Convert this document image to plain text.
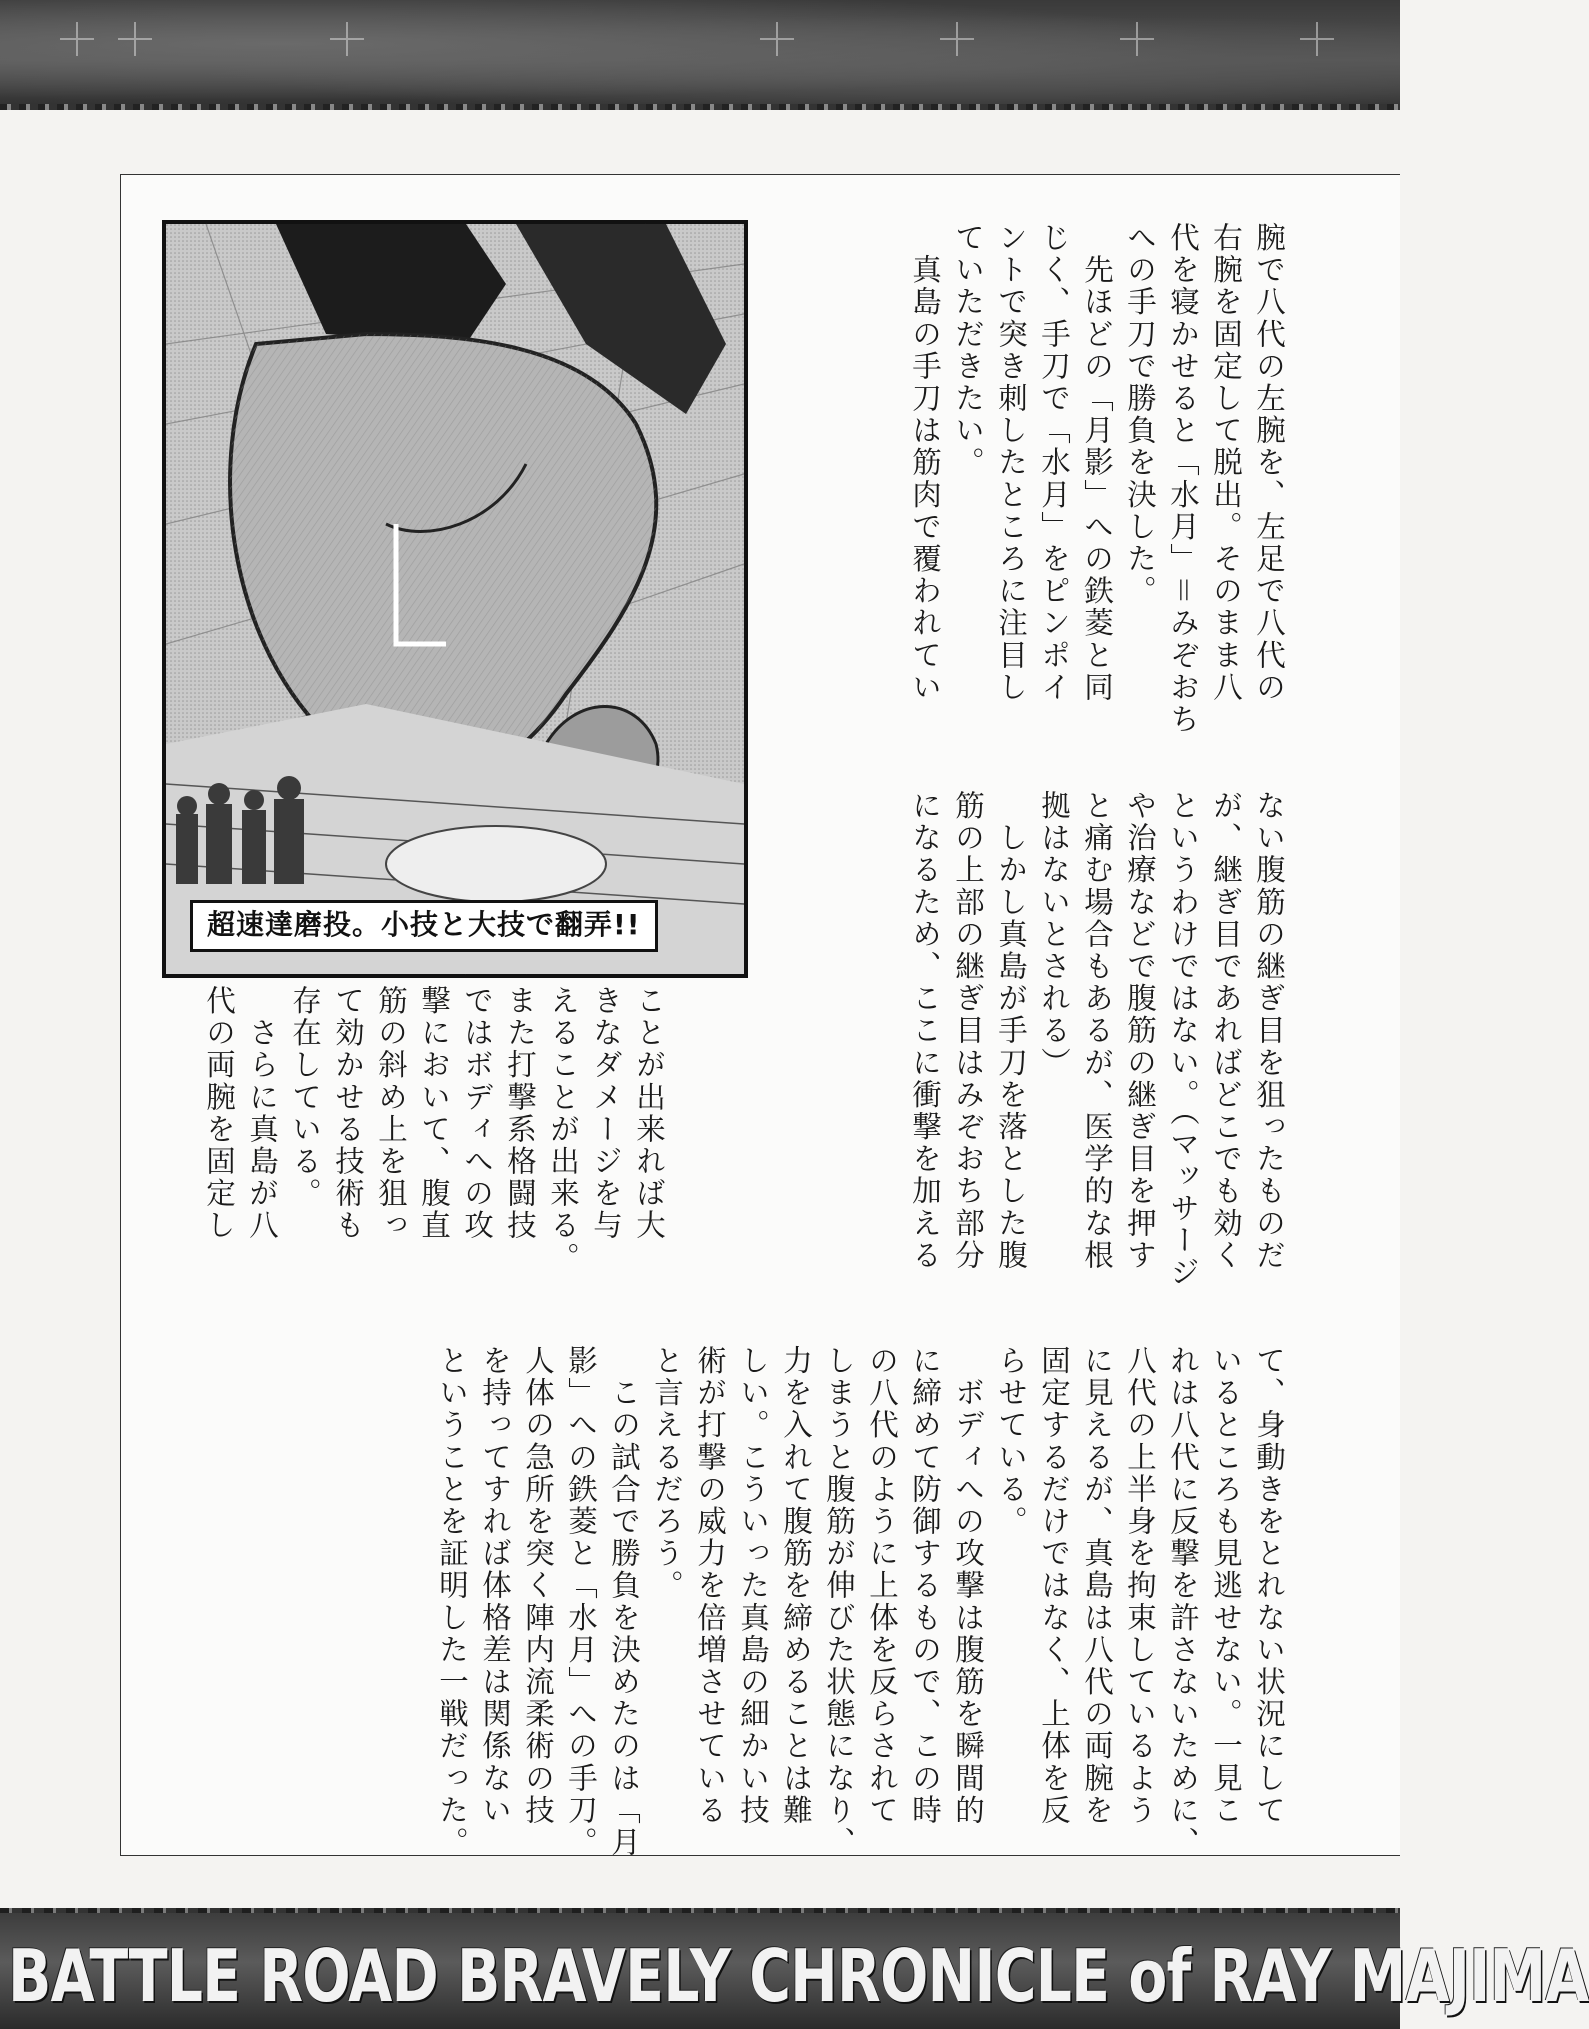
超速達磨投。小技と大技で翻弄!!
腕で八代の左腕を、左足で八代の
右腕を固定して脱出。そのまま八
代を寝かせると「水月」＝みぞおち
への手刀で勝負を決した。
　先ほどの「月影」への鉄菱と同
じく、手刀で「水月」をピンポイ
ントで突き刺したところに注目し
ていただきたい。
　真島の手刀は筋肉で覆われてい
ない腹筋の継ぎ目を狙ったものだ
が、継ぎ目であればどこでも効く
というわけではない。（マッサージ
や治療などで腹筋の継ぎ目を押す
と痛む場合もあるが、医学的な根
拠はないとされる）
　しかし真島が手刀を落とした腹
筋の上部の継ぎ目はみぞおち部分
になるため、ここに衝撃を加える
ことが出来れば大
きなダメージを与
えることが出来る。
また打撃系格闘技
ではボディへの攻
撃において、腹直
筋の斜め上を狙っ
て効かせる技術も
存在している。
　さらに真島が八
代の両腕を固定し
て、身動きをとれない状況にして
いるところも見逃せない。一見こ
れは八代に反撃を許さないために、
八代の上半身を拘束しているよう
に見えるが、真島は八代の両腕を
固定するだけではなく、上体を反
らせている。
　ボディへの攻撃は腹筋を瞬間的
に締めて防御するもので、この時
の八代のように上体を反らされて
しまうと腹筋が伸びた状態になり、
力を入れて腹筋を締めることは難
しい。こういった真島の細かい技
術が打撃の威力を倍増させている
と言えるだろう。
　この試合で勝負を決めたのは「月
影」への鉄菱と「水月」への手刀。
人体の急所を突く陣内流柔術の技
を持ってすれば体格差は関係ない
ということを証明した一戦だった。
BATTLE ROAD BRAVELY CHRONICLE of RAY MAJIMA
